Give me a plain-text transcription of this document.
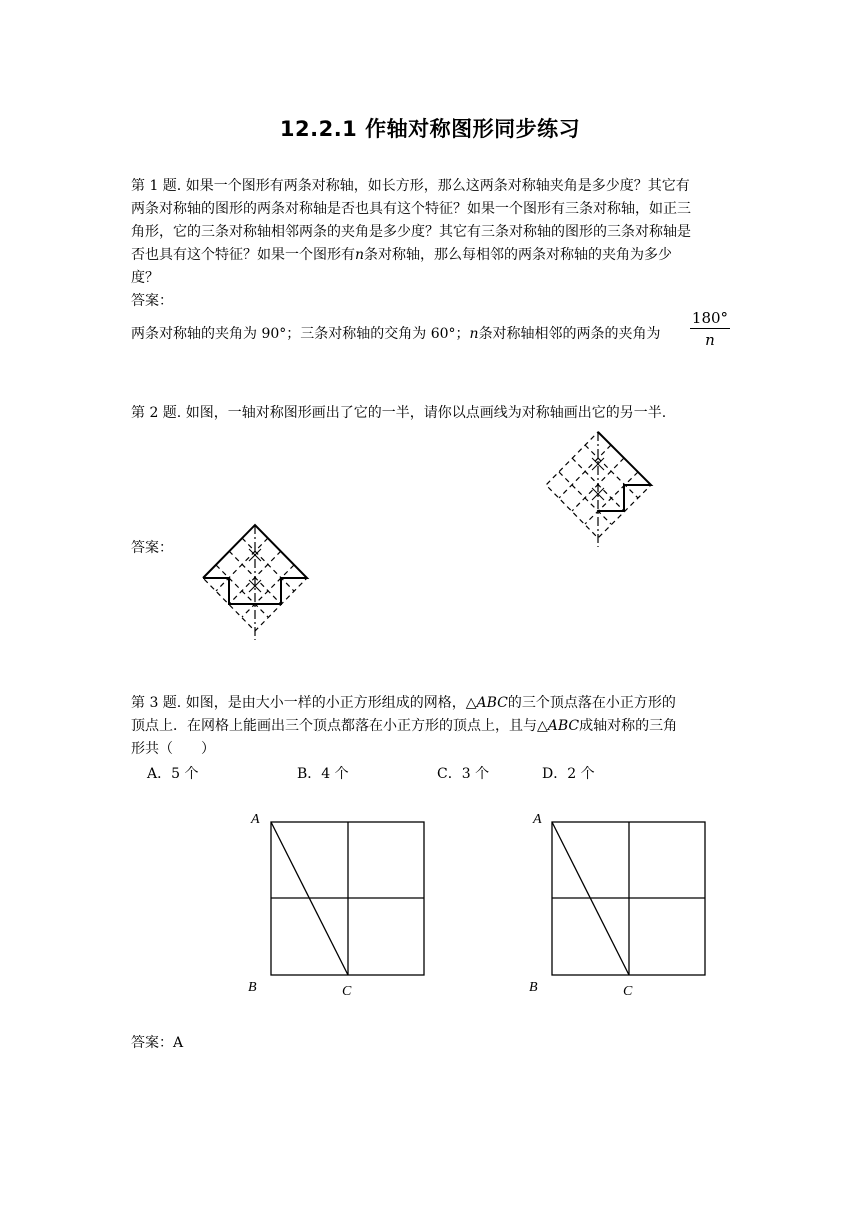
12.2.1 作轴对称图形同步练习
第 1 题. 如果一个图形有两条对称轴，如长方形，那么这两条对称轴夹角是多少度？其它有
两条对称轴的图形的两条对称轴是否也具有这个特征？如果一个图形有三条对称轴，如正三
角形，它的三条对称轴相邻两条的夹角是多少度？其它有三条对称轴的图形的三条对称轴是
否也具有这个特征？如果一个图形有n条对称轴，那么每相邻的两条对称轴的夹角为多少
度？
答案：
两条对称轴的夹角为 90°；三条对称轴的交角为 60°；n条对称轴相邻的两条的夹角为
180°
n
第 2 题. 如图，一轴对称图形画出了它的一半，请你以点画线为对称轴画出它的另一半.
答案：
第 3 题. 如图，是由大小一样的小正方形组成的网格，△ABC的三个顶点落在小正方形的
顶点上．在网格上能画出三个顶点都落在小正方形的顶点上，且与△ABC成轴对称的三角
形共（　　）
A．5 个	B．4 个	C．3 个	D．2 个
A
B	C
A
B	C
答案：A
